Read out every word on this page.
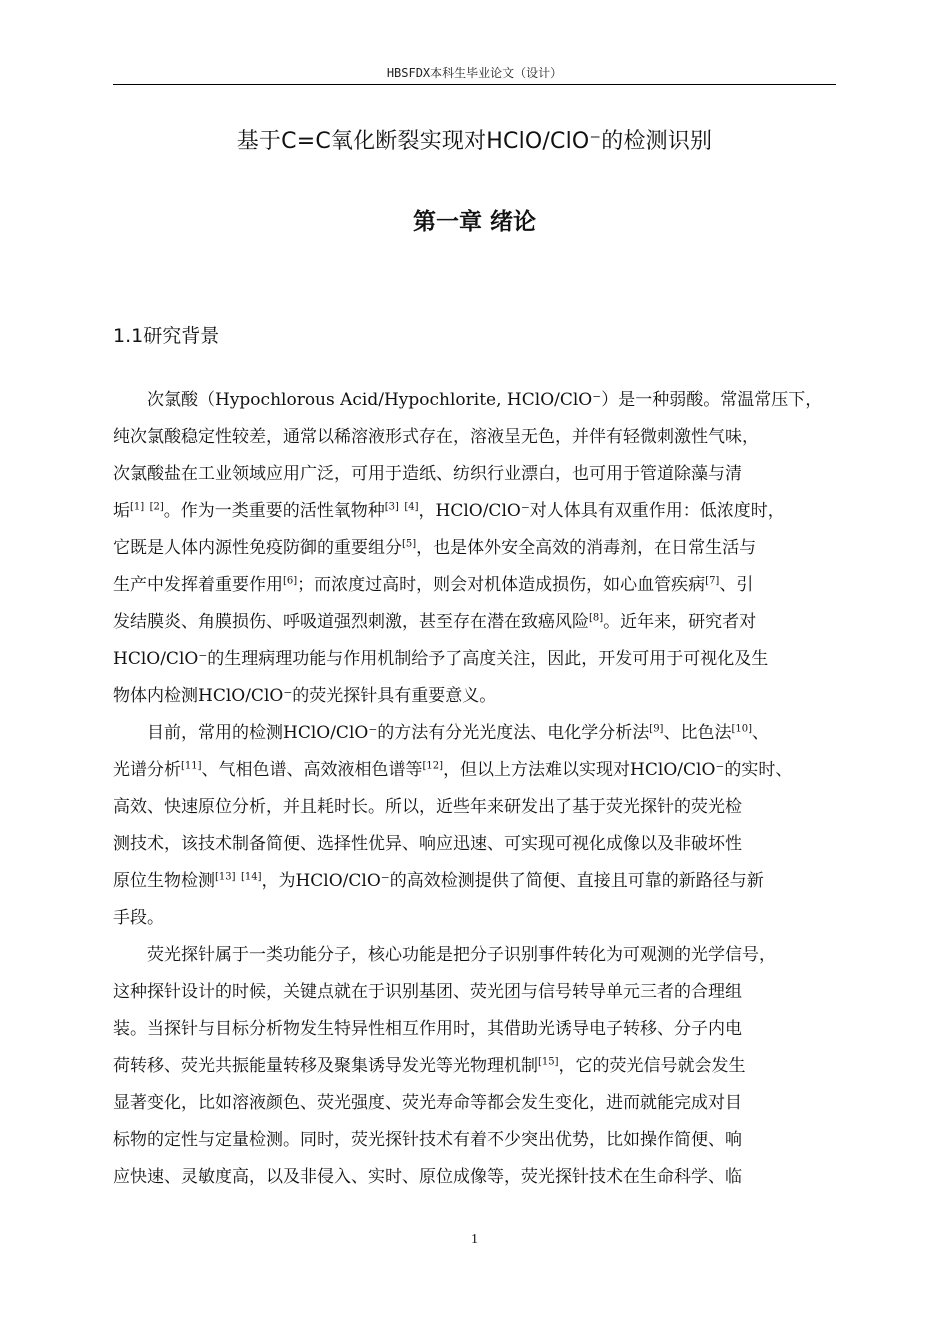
HBSFDX本科生毕业论文（设计）
基于C=C氧化断裂实现对HClO/ClO⁻的检测识别
第一章 绪论
1.1研究背景
次氯酸（Hypochlorous Acid/Hypochlorite, HClO/ClO⁻）是一种弱酸。常温常压下，
纯次氯酸稳定性较差，通常以稀溶液形式存在，溶液呈无色，并伴有轻微刺激性气味，
次氯酸盐在工业领域应用广泛，可用于造纸、纺织行业漂白，也可用于管道除藻与清
垢[1] [2]。作为一类重要的活性氧物种[3] [4]，HClO/ClO⁻对人体具有双重作用：低浓度时，
它既是人体内源性免疫防御的重要组分[5]，也是体外安全高效的消毒剂，在日常生活与
生产中发挥着重要作用[6]；而浓度过高时，则会对机体造成损伤，如心血管疾病[7]、引
发结膜炎、角膜损伤、呼吸道强烈刺激，甚至存在潜在致癌风险[8]。近年来，研究者对
HClO/ClO⁻的生理病理功能与作用机制给予了高度关注，因此，开发可用于可视化及生
物体内检测HClO/ClO⁻的荧光探针具有重要意义。
目前，常用的检测HClO/ClO⁻的方法有分光光度法、电化学分析法[9]、比色法[10]、
光谱分析[11]、气相色谱、高效液相色谱等[12]，但以上方法难以实现对HClO/ClO⁻的实时、
高效、快速原位分析，并且耗时长。所以，近些年来研发出了基于荧光探针的荧光检
测技术，该技术制备简便、选择性优异、响应迅速、可实现可视化成像以及非破坏性
原位生物检测[13] [14]，为HClO/ClO⁻的高效检测提供了简便、直接且可靠的新路径与新
手段。
荧光探针属于一类功能分子，核心功能是把分子识别事件转化为可观测的光学信号，
这种探针设计的时候，关键点就在于识别基团、荧光团与信号转导单元三者的合理组
装。当探针与目标分析物发生特异性相互作用时，其借助光诱导电子转移、分子内电
荷转移、荧光共振能量转移及聚集诱导发光等光物理机制[15]，它的荧光信号就会发生
显著变化，比如溶液颜色、荧光强度、荧光寿命等都会发生变化，进而就能完成对目
标物的定性与定量检测。同时，荧光探针技术有着不少突出优势，比如操作简便、响
应快速、灵敏度高，以及非侵入、实时、原位成像等，荧光探针技术在生命科学、临
1
